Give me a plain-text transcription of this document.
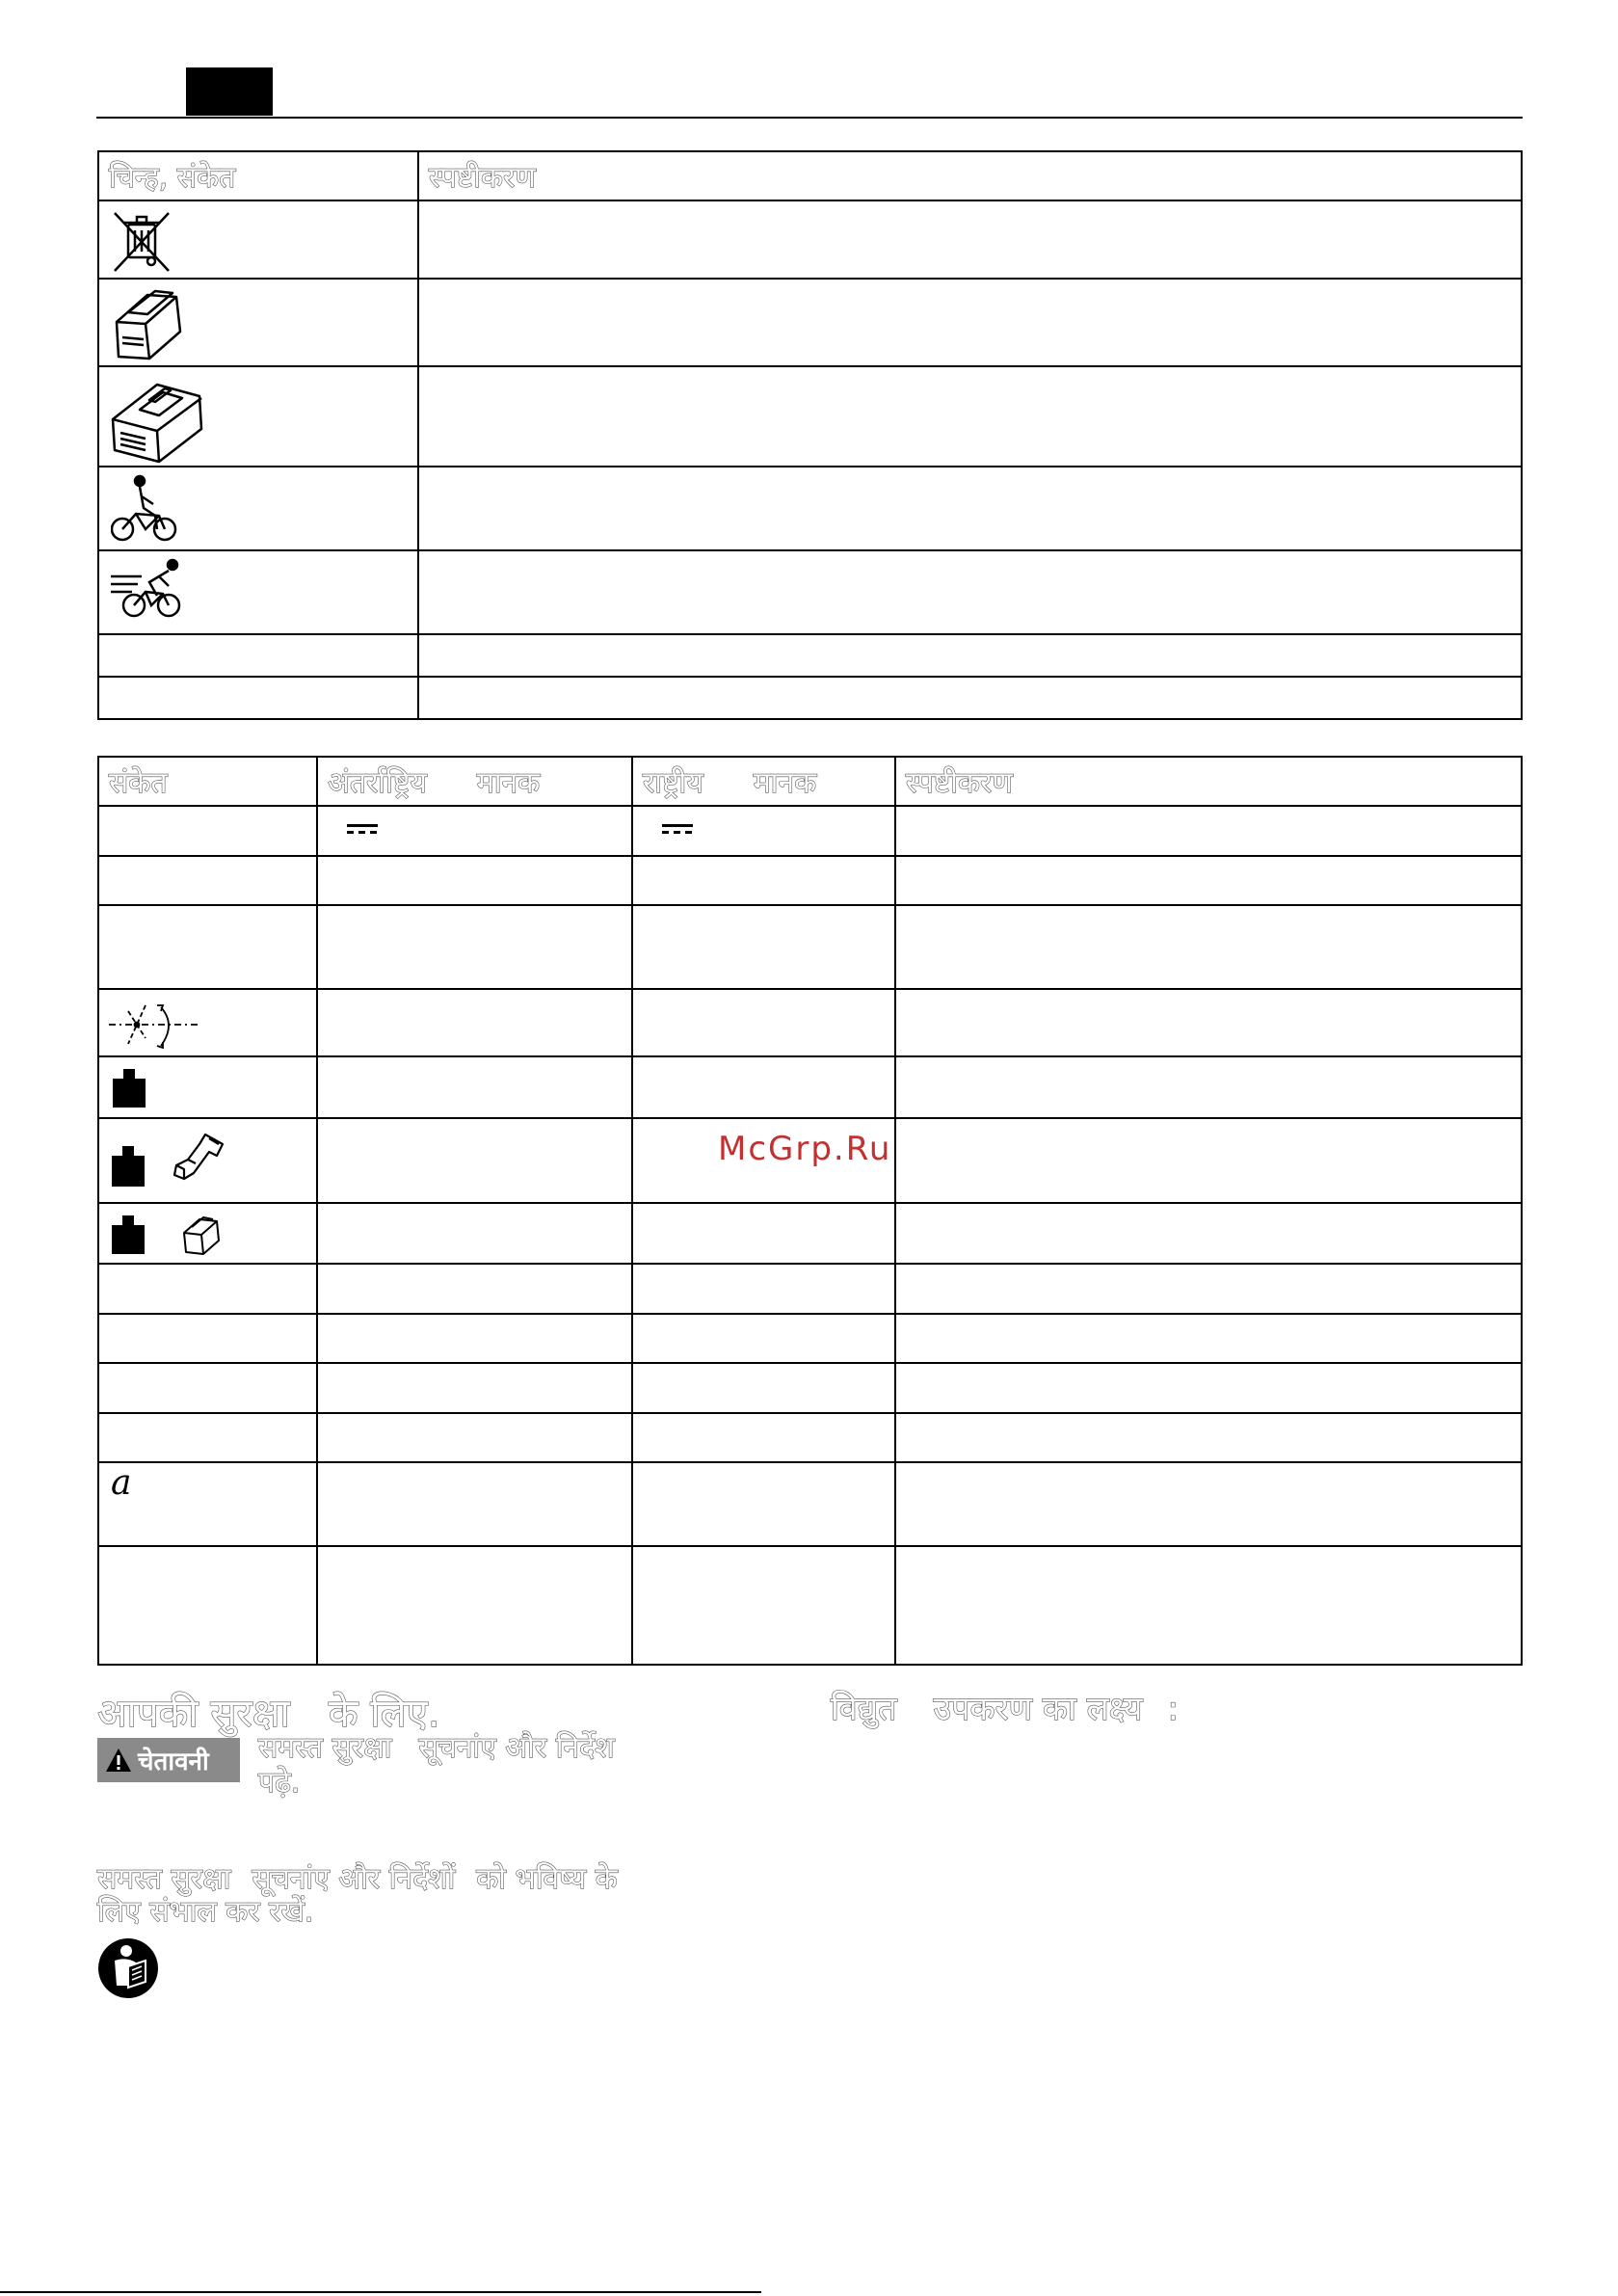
चिन्ह, संकेत	स्पष्टीकरण

संकेत	अंतर्राष्ट्रिय मानक	राष्ट्रीय मानक	स्पष्टीकरण

a			

आपकी सुरक्षा के लिए.	विद्युत उपकरण का लक्ष्य :
चेतावनी समस्त सुरक्षा सूचनांए और निर्देश
पढ़े.
समस्त सुरक्षा सूचनांए और निर्देशों को भविष्य के
लिए संभाल कर रखें.
McGrp.Ru
